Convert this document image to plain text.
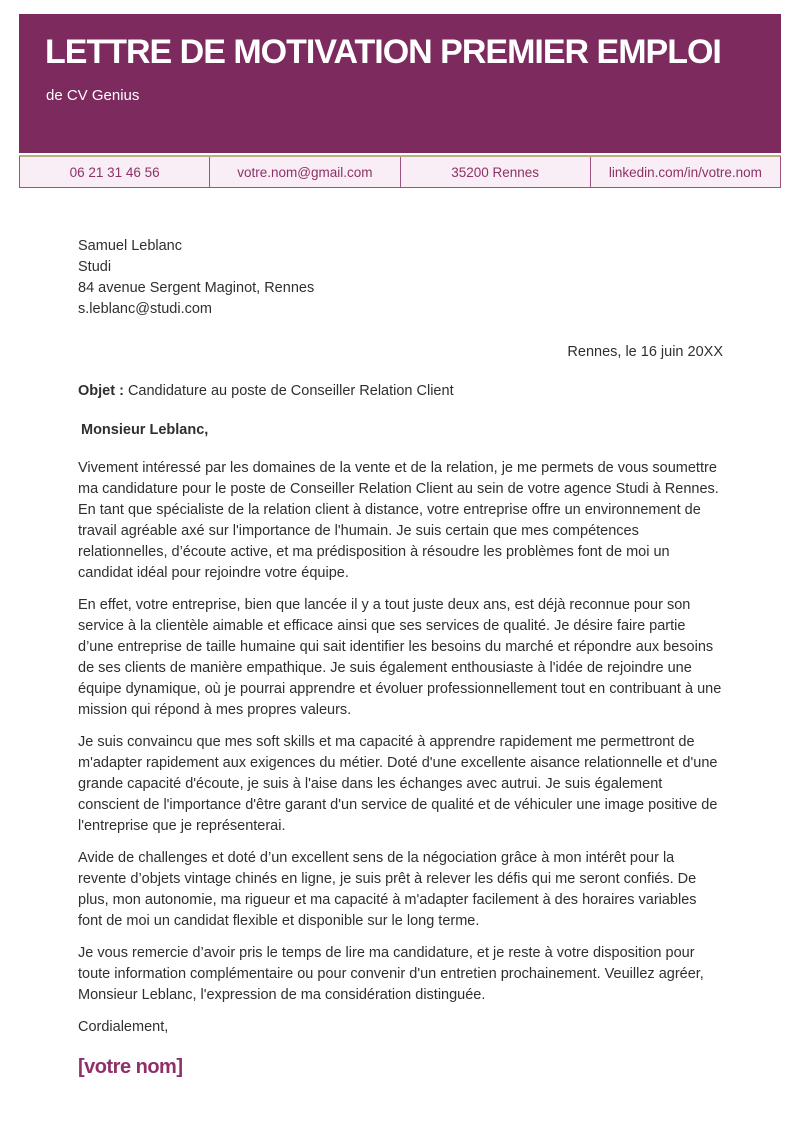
LETTRE DE MOTIVATION PREMIER EMPLOI
de CV Genius
06 21 31 46 56	votre.nom@gmail.com	35200 Rennes	linkedin.com/in/votre.nom

Samuel Leblanc

Studi

84 avenue Sergent Maginot, Rennes

s.leblanc@studi.com

Rennes, le 16 juin 20XX
Objet : Candidature au poste de Conseiller Relation Client
Monsieur Leblanc,

Vivement intéressé par les domaines de la vente et de la relation, je me permets de vous soumettre ma candidature pour le poste de Conseiller Relation Client au sein de votre agence Studi à Rennes. En tant que spécialiste de la relation client à distance, votre entreprise offre un environnement de travail agréable axé sur l'importance de l'humain. Je suis certain que mes compétences relationnelles, d’écoute active, et ma prédisposition à résoudre les problèmes font de moi un candidat idéal pour rejoindre votre équipe.

En effet, votre entreprise, bien que lancée il y a tout juste deux ans, est déjà reconnue pour son service à la clientèle aimable et efficace ainsi que ses services de qualité. Je désire faire partie d’une entreprise de taille humaine qui sait identifier les besoins du marché et répondre aux besoins de ses clients de manière empathique. Je suis également enthousiaste à l'idée de rejoindre une équipe dynamique, où je pourrai apprendre et évoluer professionnellement tout en contribuant à une mission qui répond à mes propres valeurs.

Je suis convaincu que mes soft skills et ma capacité à apprendre rapidement me permettront de m'adapter rapidement aux exigences du métier. Doté d'une excellente aisance relationnelle et d'une grande capacité d'écoute, je suis à l'aise dans les échanges avec autrui. Je suis également conscient de l'importance d'être garant d'un service de qualité et de véhiculer une image positive de l'entreprise que je représenterai.

Avide de challenges et doté d’un excellent sens de la négociation grâce à mon intérêt pour la revente d’objets vintage chinés en ligne, je suis prêt à relever les défis qui me seront confiés. De plus, mon autonomie, ma rigueur et ma capacité à m'adapter facilement à des horaires variables font de moi un candidat flexible et disponible sur le long terme.

Je vous remercie d’avoir pris le temps de lire ma candidature, et je reste à votre disposition pour toute information complémentaire ou pour convenir d'un entretien prochainement. Veuillez agréer, Monsieur Leblanc, l'expression de ma considération distinguée.

Cordialement,
[votre nom]
